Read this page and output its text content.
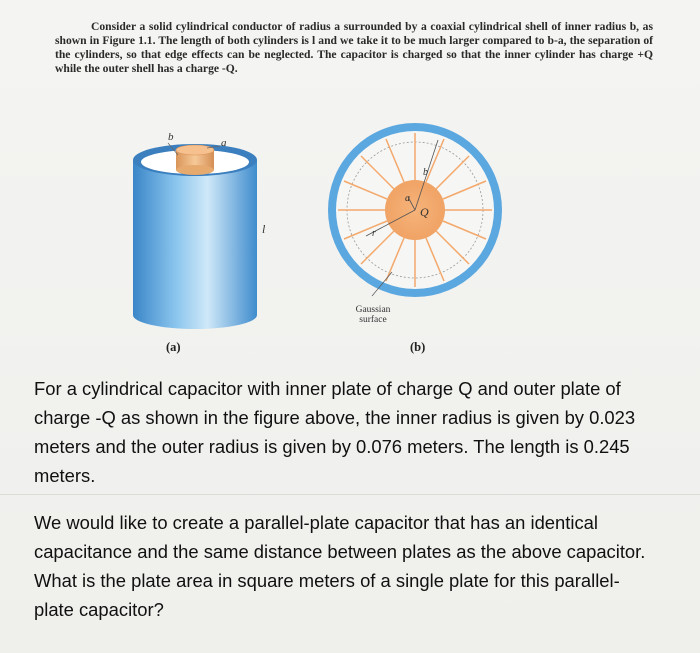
Consider a solid cylindrical conductor of radius a surrounded by a coaxial cylindrical shell of inner radius b, as shown in Figure 1.1. The length of both cylinders is l and we take it to be much larger compared to b-a, the separation of the cylinders, so that edge effects can be neglected. The capacitor is charged so that the inner cylinder has charge +Q while the outer shell has a charge -Q.

b	a
l
a
b
r
Q
Gaussian surface
(a)	(b)

For a cylindrical capacitor with inner plate of charge Q and outer plate of charge -Q as shown in the figure above, the inner radius is given by 0.023 meters and the outer radius is given by 0.076 meters. The length is 0.245 meters.

We would like to create a parallel-plate capacitor that has an identical capacitance and the same distance between plates as the above capacitor. What is the plate area in square meters of a single plate for this parallel-plate capacitor?
